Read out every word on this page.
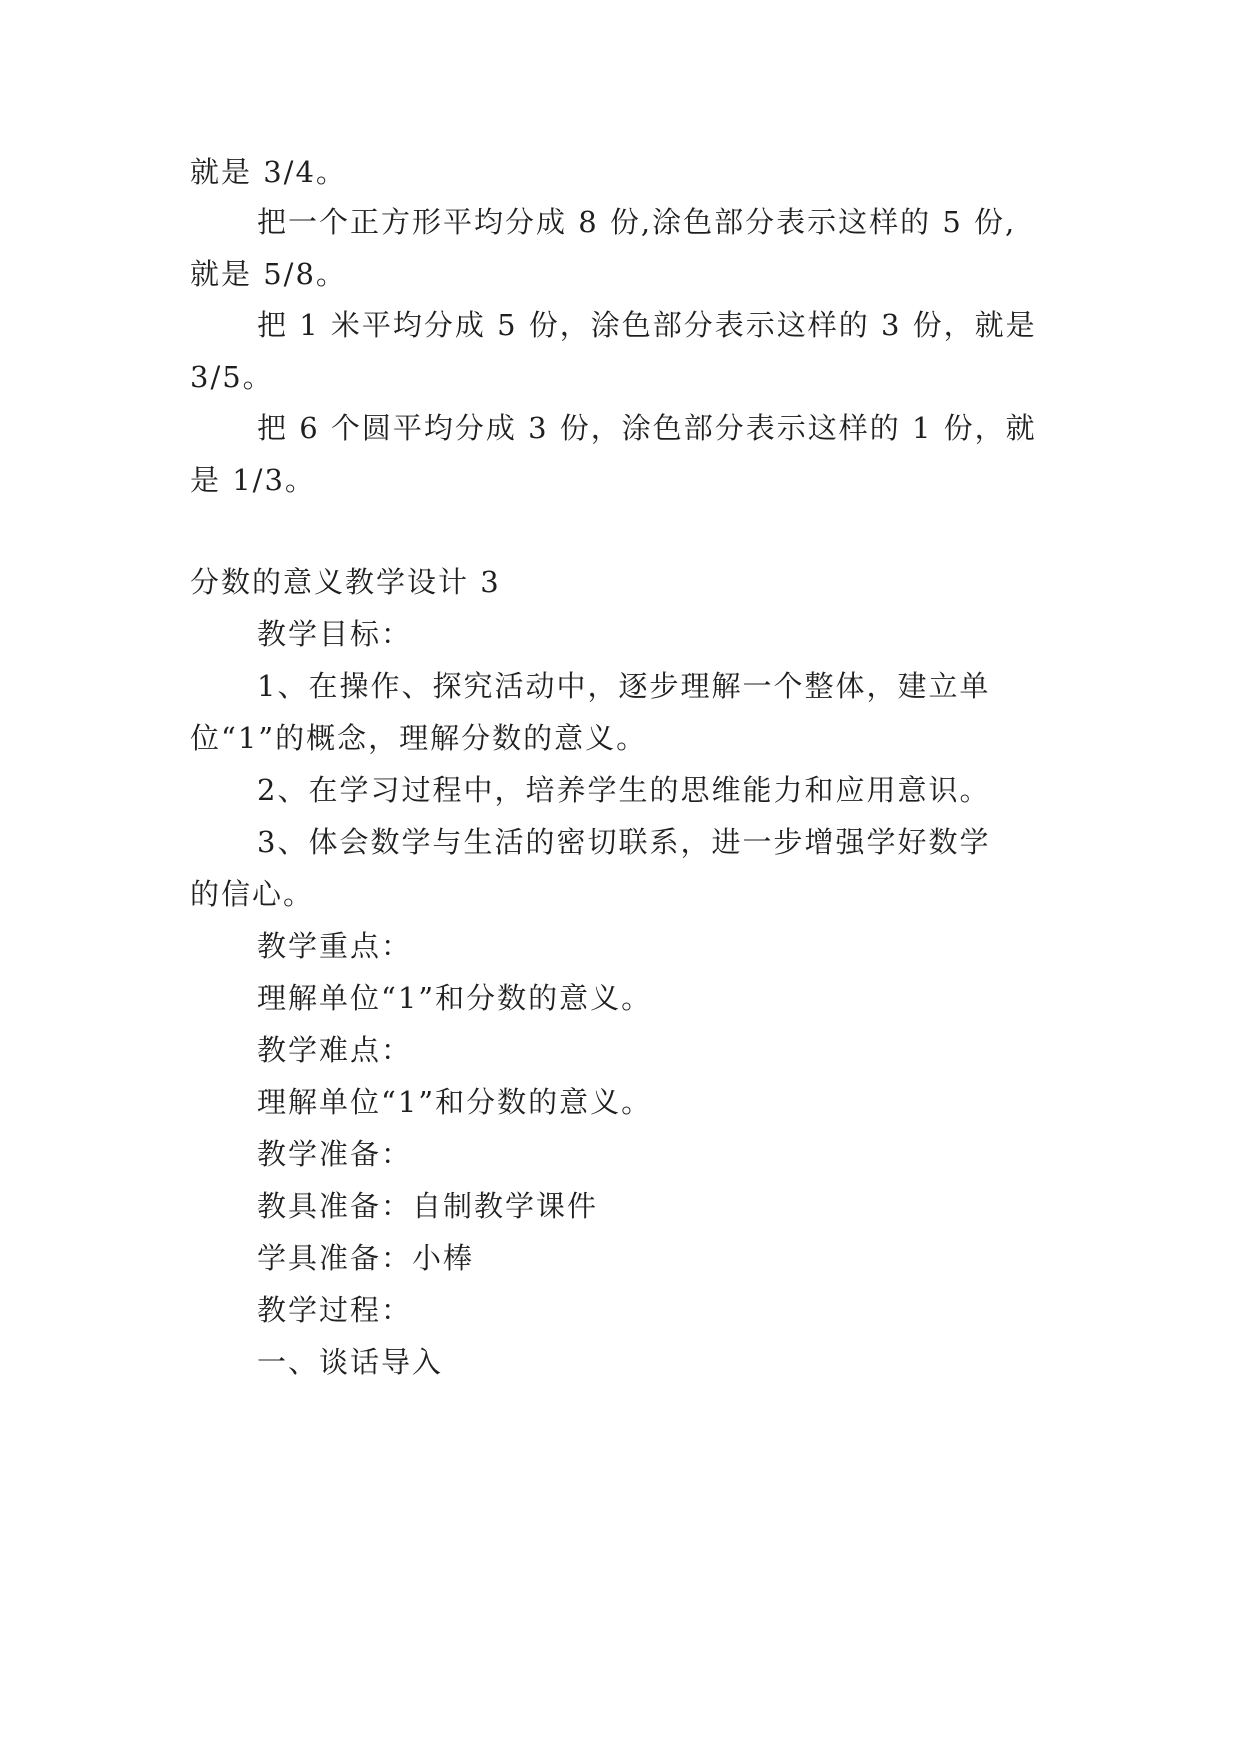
就是 3/4。
把一个正方形平均分成 8 份,涂色部分表示这样的 5 份,
就是 5/8。
把 1 米平均分成 5 份，涂色部分表示这样的 3 份，就是
3/5。
把 6 个圆平均分成 3 份，涂色部分表示这样的 1 份，就
是 1/3。
分数的意义教学设计 3
教学目标：
1、在操作、探究活动中，逐步理解一个整体，建立单
位“1”的概念，理解分数的意义。
2、在学习过程中，培养学生的思维能力和应用意识。
3、体会数学与生活的密切联系，进一步增强学好数学
的信心。
教学重点：
理解单位“1”和分数的意义。
教学难点：
理解单位“1”和分数的意义。
教学准备：
教具准备：自制教学课件
学具准备：小棒
教学过程：
一、谈话导入
